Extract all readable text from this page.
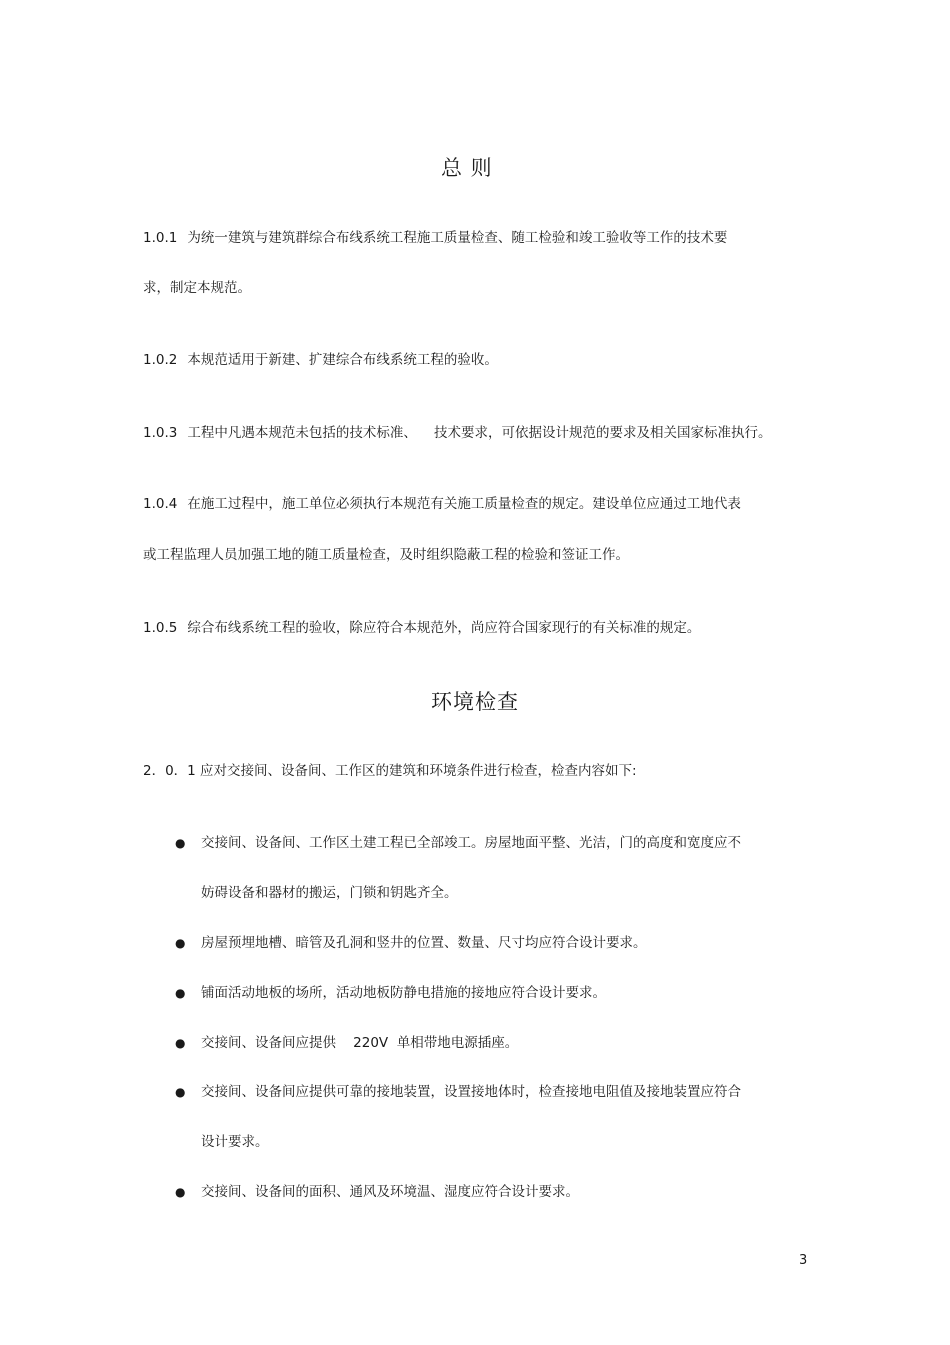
总 则
1.0.1 为统一建筑与建筑群综合布线系统工程施工质量检查、随工检验和竣工验收等工作的技术要
求，制定本规范。
1.0.2 本规范适用于新建、扩建综合布线系统工程的验收。
1.0.3 工程中凡遇本规范未包括的技术标准、    技术要求，可依据设计规范的要求及相关国家标准执行。
1.0.4 在施工过程中，施工单位必须执行本规范有关施工质量检查的规定。建设单位应通过工地代表
或工程监理人员加强工地的随工质量检查，及时组织隐蔽工程的检验和签证工作。
1.0.5 综合布线系统工程的验收，除应符合本规范外，尚应符合国家现行的有关标准的规定。
环境检查
2．0．1 应对交接间、设备间、工作区的建筑和环境条件进行检查，检查内容如下:
● 交接间、设备间、工作区土建工程已全部竣工。房屋地面平整、光洁，门的高度和宽度应不
妨碍设备和器材的搬运，门锁和钥匙齐全。
● 房屋预埋地槽、暗管及孔洞和竖井的位置、数量、尺寸均应符合设计要求。
● 铺面活动地板的场所，活动地板防静电措施的接地应符合设计要求。
● 交接间、设备间应提供    220V  单相带地电源插座。
● 交接间、设备间应提供可靠的接地装置，设置接地体时，检查接地电阻值及接地装置应符合
设计要求。
● 交接间、设备间的面积、通风及环境温、湿度应符合设计要求。
3
